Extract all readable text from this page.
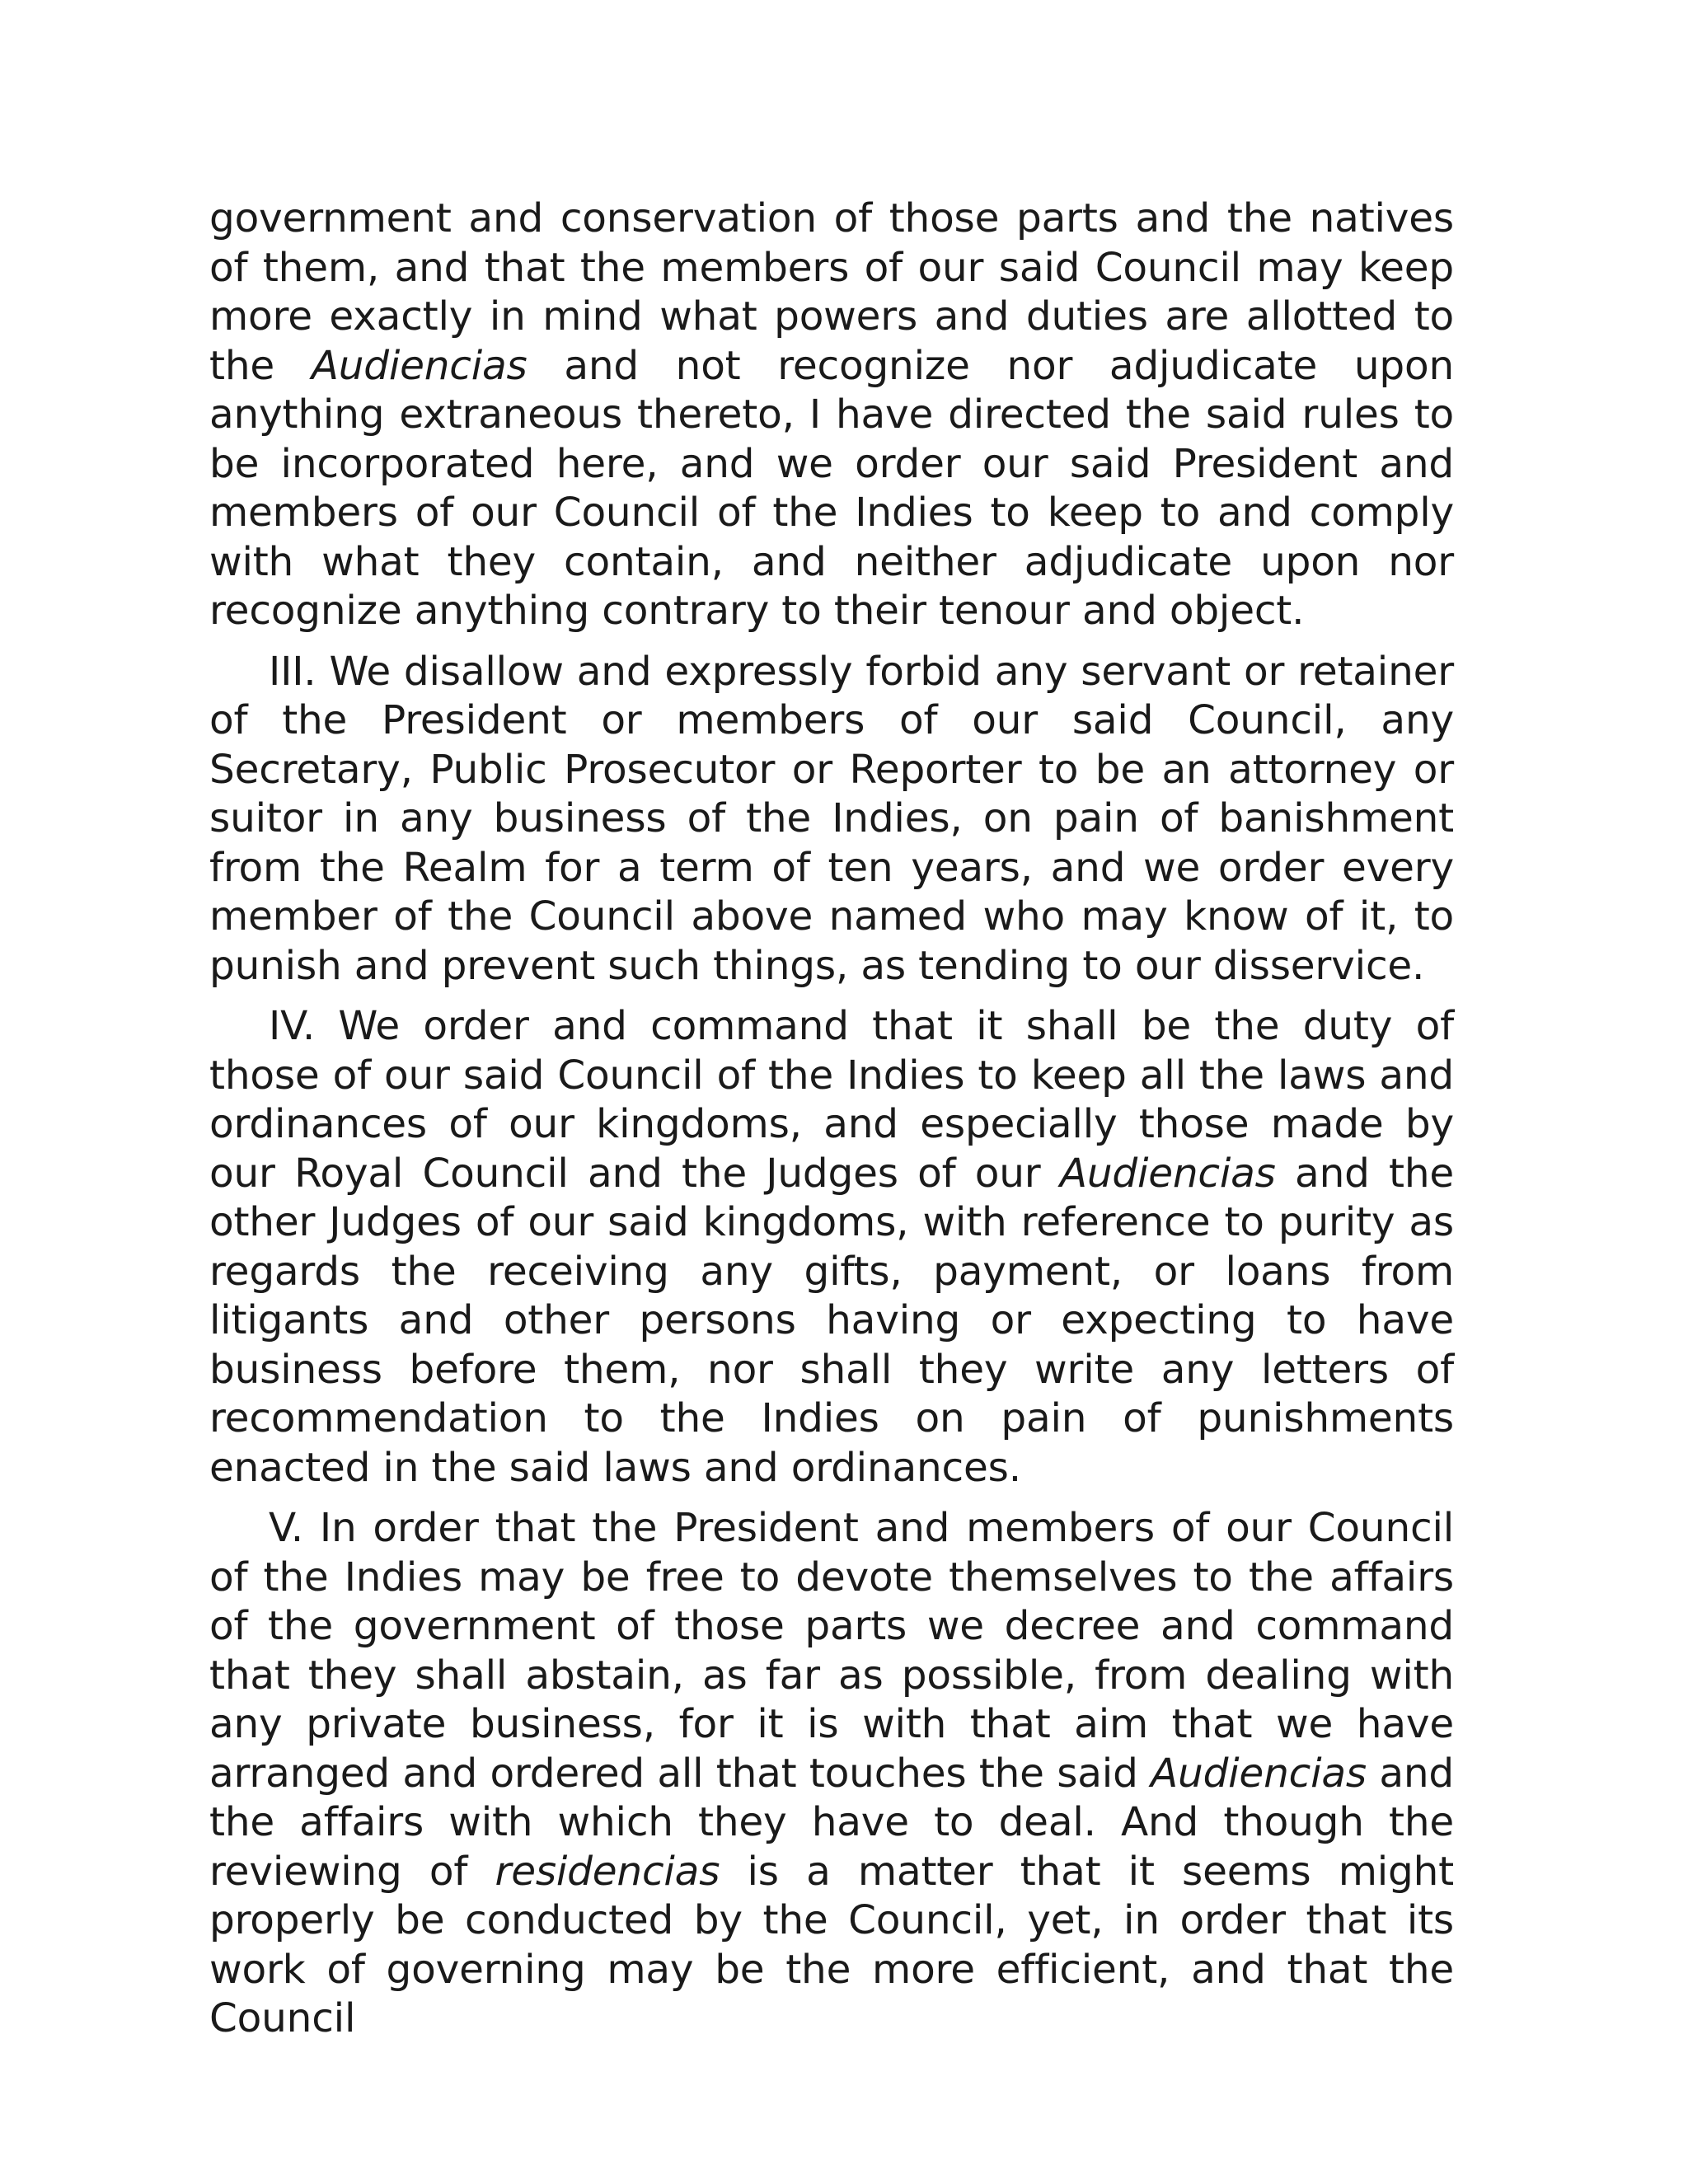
government and conservation of those parts and the natives of them, and that the members of our said Council may keep more exactly in mind what powers and duties are allotted to the Audiencias and not recognize nor adjudicate upon anything extraneous thereto, I have directed the said rules to be incorporated here, and we order our said President and members of our Council of the Indies to keep to and comply with what they contain, and neither adjudicate upon nor recognize anything contrary to their tenour and object.

III. We disallow and expressly forbid any servant or retainer of the President or members of our said Council, any Secretary, Public Prosecutor or Reporter to be an attorney or suitor in any business of the Indies, on pain of banishment from the Realm for a term of ten years, and we order every member of the Council above named who may know of it, to punish and prevent such things, as tending to our disservice.

IV. We order and command that it shall be the duty of those of our said Council of the Indies to keep all the laws and ordinances of our kingdoms, and especially those made by our Royal Council and the Judges of our Audiencias and the other Judges of our said kingdoms, with reference to purity as regards the receiving any gifts, payment, or loans from litigants and other persons having or expecting to have business before them, nor shall they write any letters of recommendation to the Indies on pain of punishments enacted in the said laws and ordinances.

V. In order that the President and members of our Council of the Indies may be free to devote themselves to the affairs of the government of those parts we decree and command that they shall abstain, as far as possible, from dealing with any private business, for it is with that aim that we have arranged and ordered all that touches the said Audiencias and the affairs with which they have to deal. And though the reviewing of residencias is a matter that it seems might properly be conducted by the Council, yet, in order that its work of governing may be the more efficient, and that the Council
